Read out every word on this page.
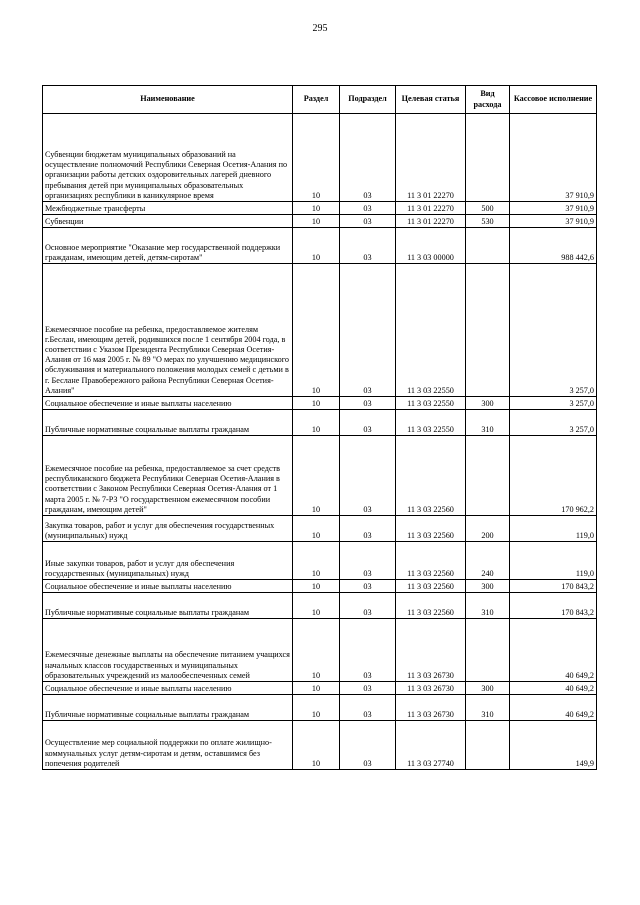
295
Наименование	Раздел	Подраздел	Целевая статья	Вид расхода	Кассовое исполнение
Субвенции бюджетам муниципальных образований на осуществление полномочий Республики Северная Осетия-Алания по организации работы детских оздоровительных лагерей дневного пребывания детей при муниципальных образовательных организациях республики в каникулярное время	10	03	11 3 01 22270		37 910,9
Межбюджетные трансферты	10	03	11 3 01 22270	500	37 910,9
Субвенции	10	03	11 3 01 22270	530	37 910,9
Основное мероприятие "Оказание мер государственной поддержки гражданам, имеющим детей, детям-сиротам"	10	03	11 3 03 00000		988 442,6
Ежемесячное пособие на ребенка, предоставляемое жителям г.Беслан, имеющим детей, родившихся после 1 сентября 2004 года, в соответствии с Указом Президента Республики Северная Осетия-Алания от 16 мая 2005 г. № 89 "О мерах по улучшению медицинского обслуживания и материального положения молодых семей с детьми в г. Беслане Правобережного района Республики Северная Осетия-Алания"	10	03	11 3 03 22550		3 257,0
Социальное обеспечение и иные выплаты населению	10	03	11 3 03 22550	300	3 257,0
Публичные нормативные социальные выплаты гражданам	10	03	11 3 03 22550	310	3 257,0
Ежемесячное пособие на ребенка, предоставляемое за счет средств республиканского бюджета Республики Северная Осетия-Алания в соответствии с Законом Республики Северная Осетия-Алания от 1 марта 2005 г. № 7-РЗ "О государственном ежемесячном пособии гражданам, имеющим детей"	10	03	11 3 03 22560		170 962,2
Закупка товаров, работ и услуг для обеспечения государственных (муниципальных) нужд	10	03	11 3 03 22560	200	119,0
Иные закупки товаров, работ и услуг для обеспечения государственных (муниципальных) нужд	10	03	11 3 03 22560	240	119,0
Социальное обеспечение и иные выплаты населению	10	03	11 3 03 22560	300	170 843,2
Публичные нормативные социальные выплаты гражданам	10	03	11 3 03 22560	310	170 843,2
Ежемесячные денежные выплаты на обеспечение питанием учащихся начальных классов государственных и муниципальных образовательных учреждений из малообеспеченных семей	10	03	11 3 03 26730		40 649,2
Социальное обеспечение и иные выплаты населению	10	03	11 3 03 26730	300	40 649,2
Публичные нормативные социальные выплаты гражданам	10	03	11 3 03 26730	310	40 649,2
Осуществление мер социальной поддержки по оплате жилищно-коммунальных услуг детям-сиротам и детям, оставшимся без попечения родителей	10	03	11 3 03 27740		149,9
